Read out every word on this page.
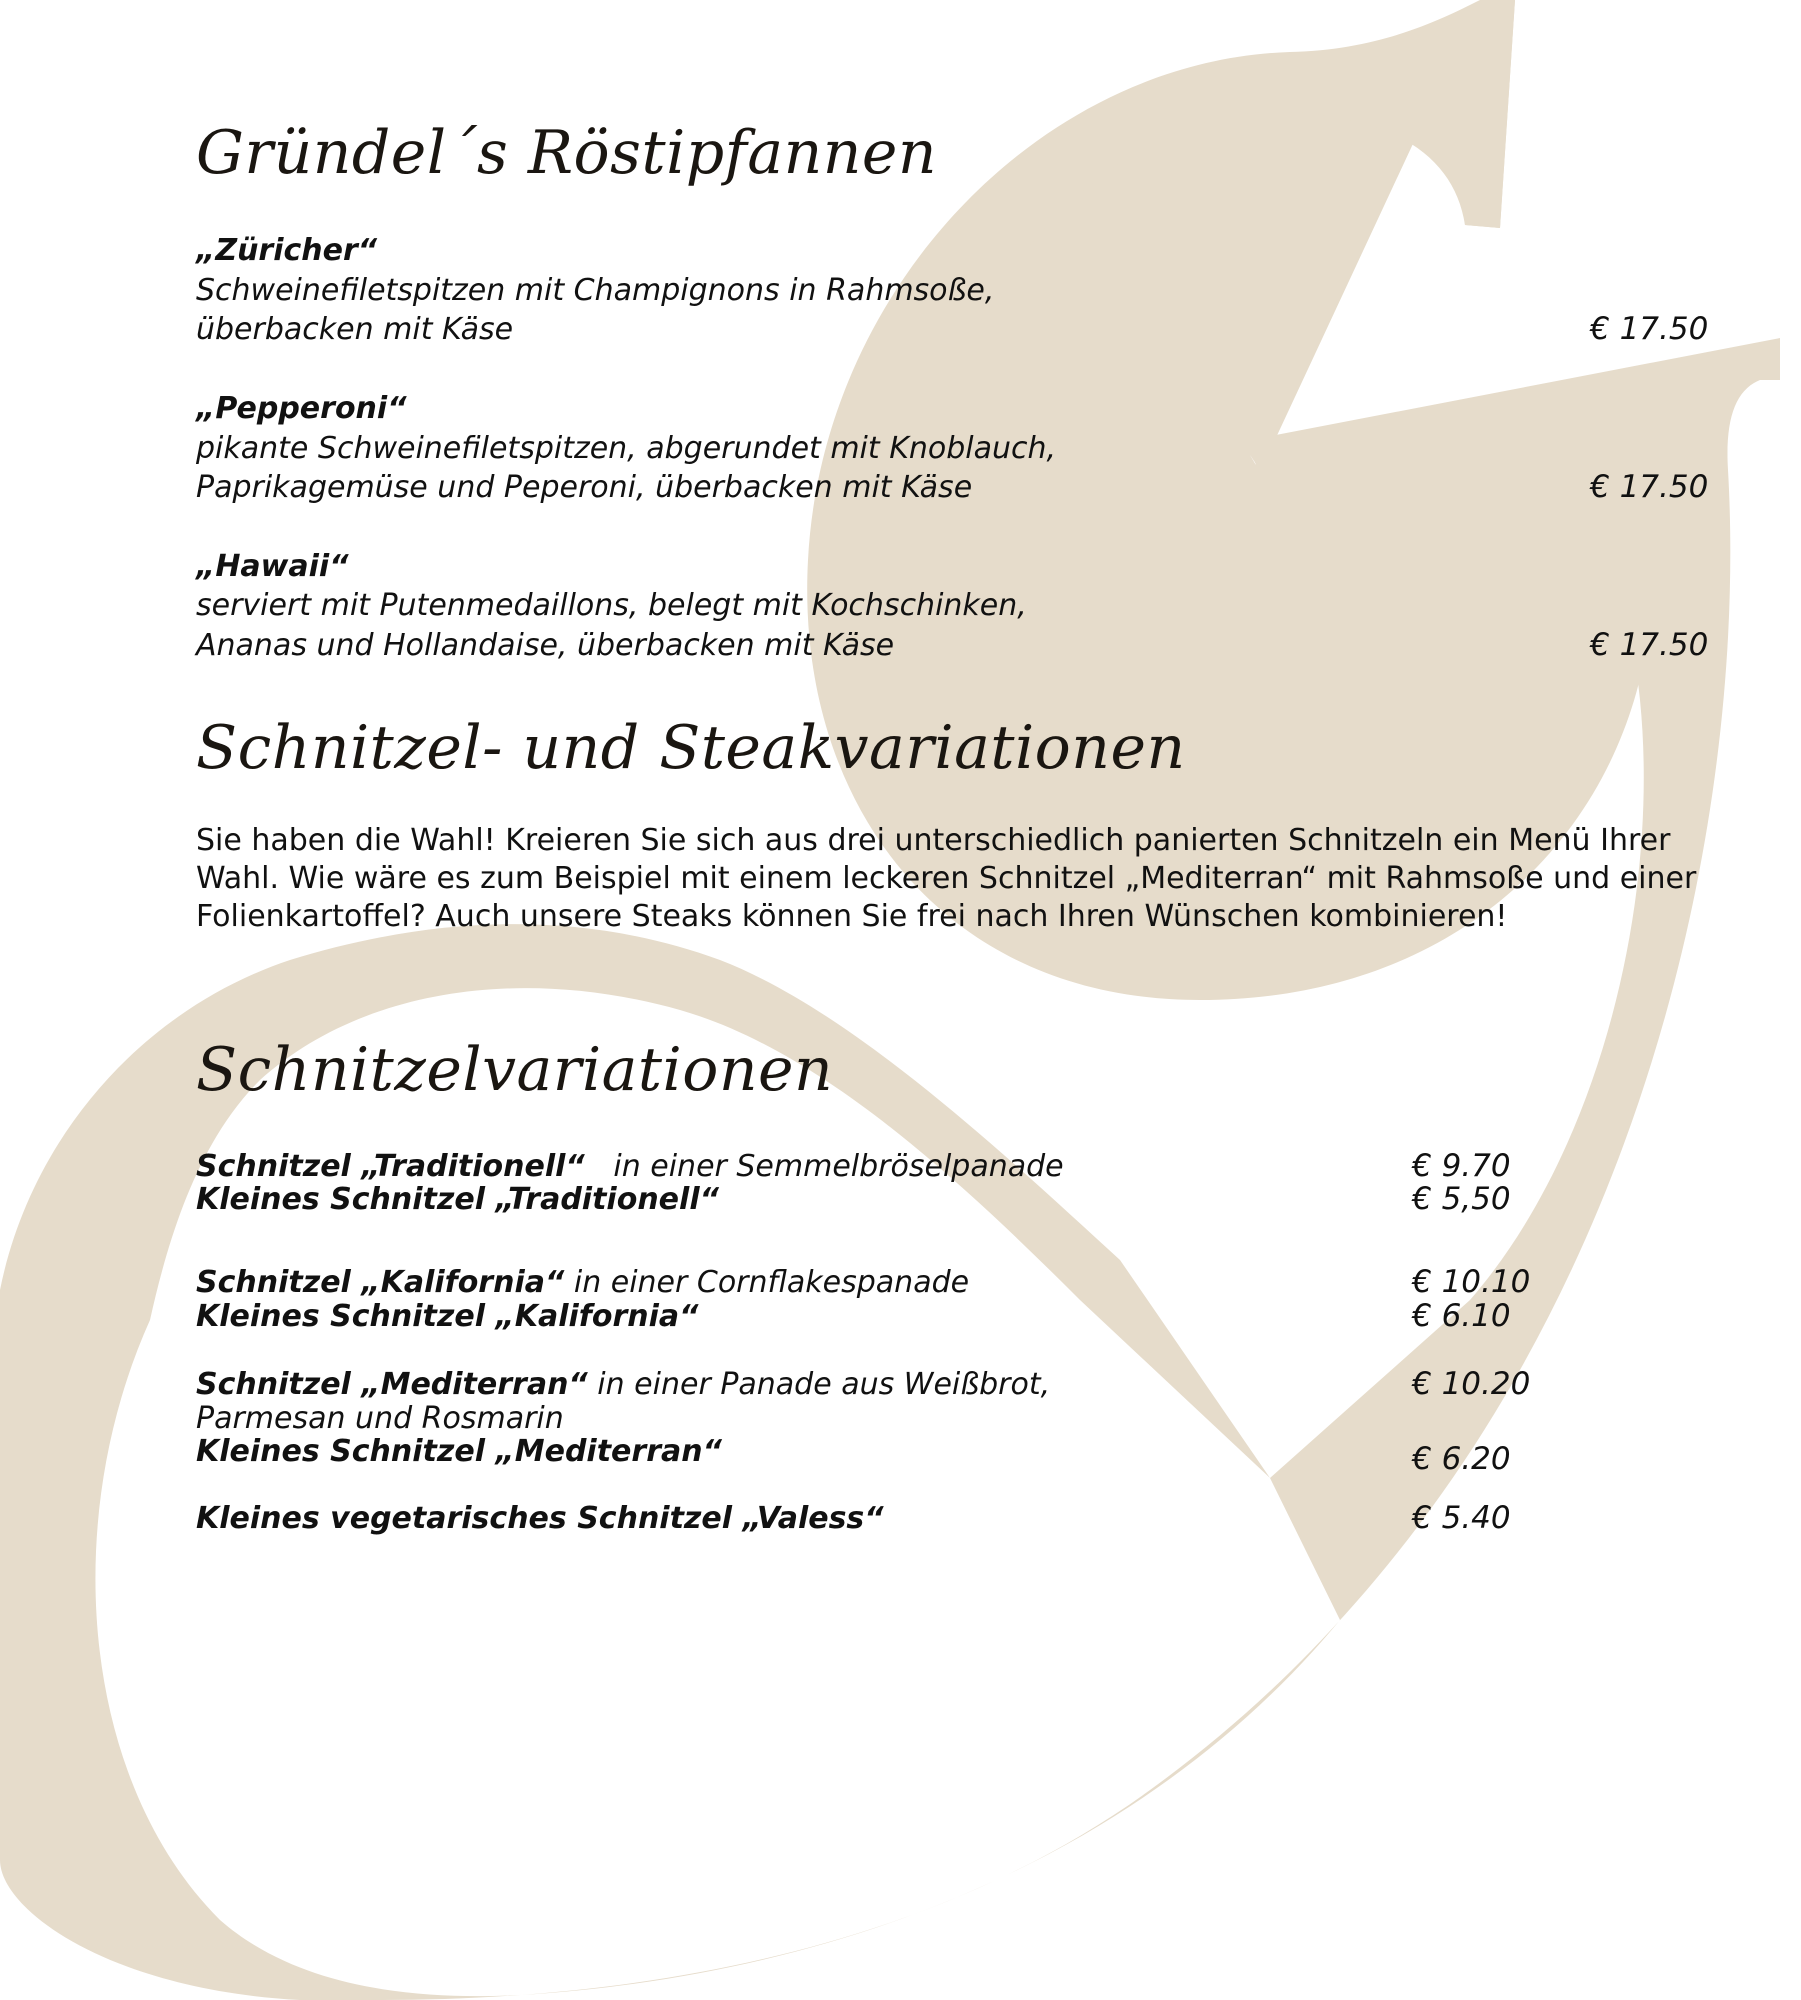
Gründel´s Röstipfannen
„Züricher“
Schweinefiletspitzen mit Champignons in Rahmsoße,
überbacken mit Käse	€ 17.50
„Pepperoni“
pikante Schweinefiletspitzen, abgerundet mit Knoblauch,
Paprikagemüse und Peperoni, überbacken mit Käse	€ 17.50
„Hawaii“
serviert mit Putenmedaillons, belegt mit Kochschinken,
Ananas und Hollandaise, überbacken mit Käse	€ 17.50
Schnitzel- und Steakvariationen

Sie haben die Wahl! Kreieren Sie sich aus drei unterschiedlich panierten Schnitzeln ein Menü Ihrer Wahl. Wie wäre es zum Beispiel mit einem leckeren Schnitzel „Mediterran“ mit Rahmsoße und einer Folienkartoffel? Auch unsere Steaks können Sie frei nach Ihren Wünschen kombinieren!

Schnitzelvariationen
Schnitzel „Traditionell“ in einer Semmelbröselpanade	€ 9.70
Kleines Schnitzel „Traditionell“	€ 5,50
Schnitzel „Kalifornia“ in einer Cornflakespanade	€ 10.10
Kleines Schnitzel „Kalifornia“	€ 6.10
Schnitzel „Mediterran“ in einer Panade aus Weißbrot,	€ 10.20
Parmesan und Rosmarin
Kleines Schnitzel „Mediterran“	€ 6.20
Kleines vegetarisches Schnitzel „Valess“	€ 5.40
